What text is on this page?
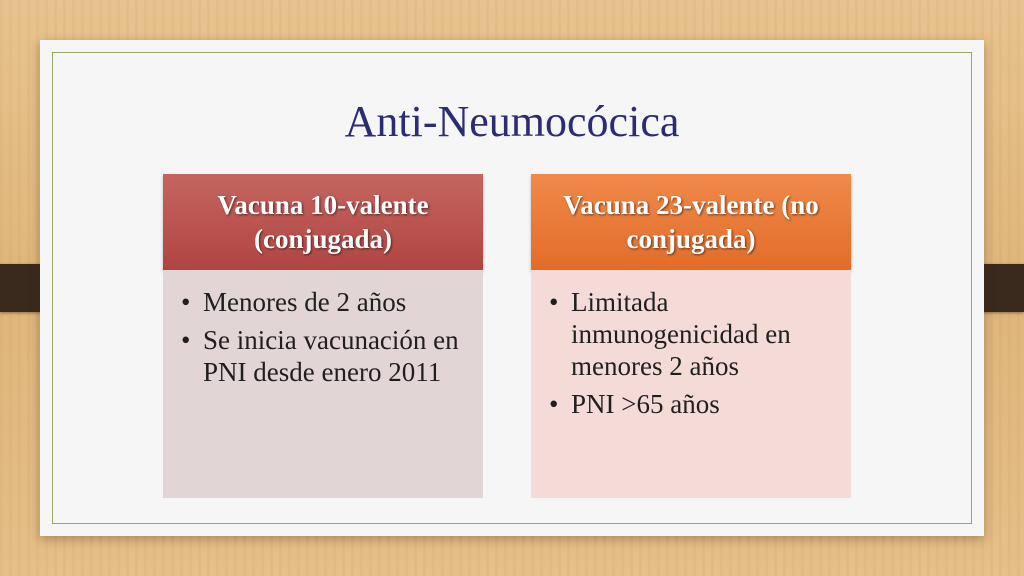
Anti-Neumocócica
Vacuna 10-valente (conjugada)
• Menores de 2 años
• Se inicia vacunación en PNI desde enero 2011
Vacuna 23-valente (no conjugada)
• Limitada inmunogenicidad en menores 2 años
• PNI >65 años
